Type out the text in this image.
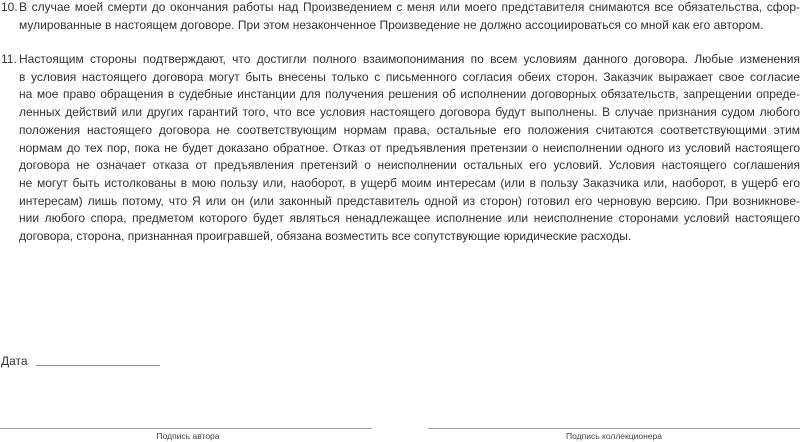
10. В случае моей смерти до окончания работы над Произведением с меня или моего представителя снимаются все обязательства, сфор-
мулированные в настоящем договоре. При этом незаконченное Произведение не должно ассоциироваться со мной как его автором.
11. Настоящим стороны подтверждают, что достигли полного взаимопонимания по всем условиям данного договора. Любые изменения
в условия настоящего договора могут быть внесены только с письменного согласия обеих сторон. Заказчик выражает свое согласие
на мое право обращения в судебные инстанции для получения решения об исполнении договорных обязательств, запрещении опреде-
ленных действий или других гарантий того, что все условия настоящего договора будут выполнены. В случае признания судом любого
положения настоящего договора не соответствующим нормам права, остальные его положения считаются соответствующими этим
нормам до тех пор, пока не будет доказано обратное. Отказ от предъявления претензии о неисполнении одного из условий настоящего
договора не означает отказа от предъявления претензий о неисполнении остальных его условий. Условия настоящего соглашения
не могут быть истолкованы в мою пользу или, наоборот, в ущерб моим интересам (или в пользу Заказчика или, наоборот, в ущерб его
интересам) лишь потому, что Я или он (или законный представитель одной из сторон) готовил его черновую версию. При возникнове-
нии любого спора, предметом которого будет являться ненадлежащее исполнение или неисполнение сторонами условий настоящего
договора, сторона, признанная проигравшей, обязана возместить все сопутствующие юридические расходы.
Дата
Подпись автора	Подпись коллекционера
